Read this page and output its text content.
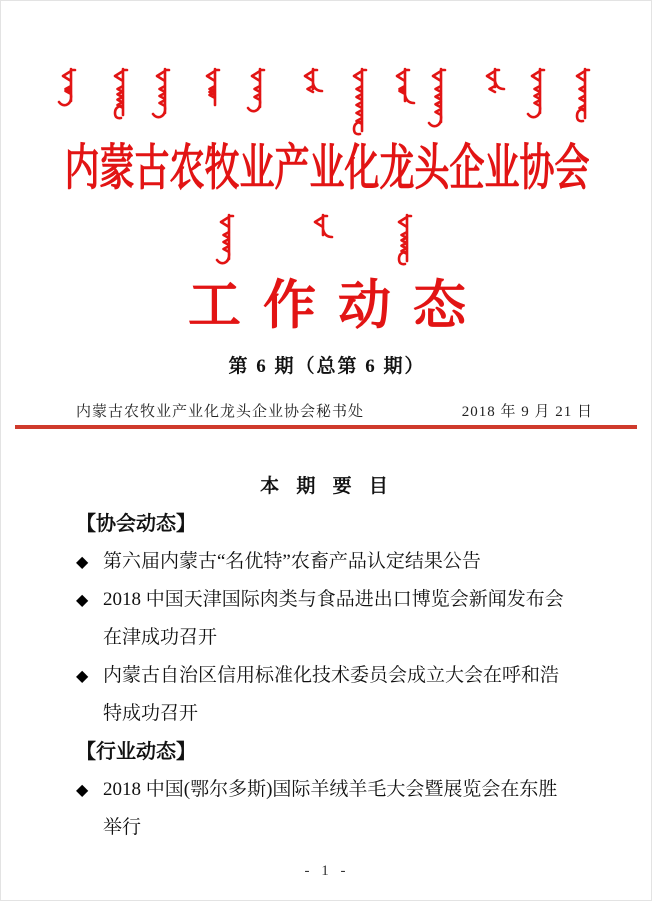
内蒙古农牧业产业化龙头企业协会
工作动态
第 6 期（总第 6 期）
内蒙古农牧业产业化龙头企业协会秘书处	2018 年 9 月 21 日
本 期 要 目
【协会动态】
◆ 第六届内蒙古“名优特”农畜产品认定结果公告
◆ 2018 中国天津国际肉类与食品进出口博览会新闻发布会
在津成功召开
◆ 内蒙古自治区信用标准化技术委员会成立大会在呼和浩
特成功召开
【行业动态】
◆ 2018 中国(鄂尔多斯)国际羊绒羊毛大会暨展览会在东胜
举行
- 1 -
